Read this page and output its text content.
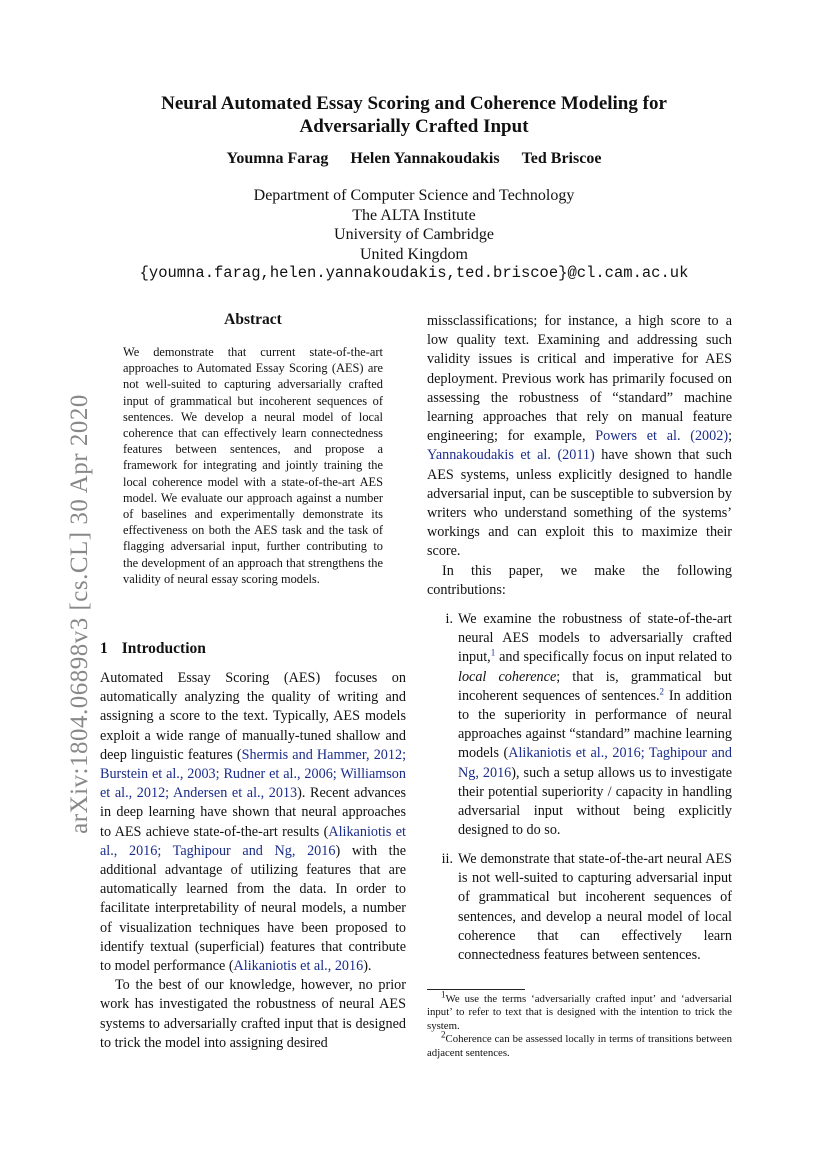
Neural Automated Essay Scoring and Coherence Modeling for
Adversarially Crafted Input
Youmna Farag Helen Yannakoudakis Ted Briscoe
Department of Computer Science and Technology
The ALTA Institute
University of Cambridge
United Kingdom
{youmna.farag,helen.yannakoudakis,ted.briscoe}@cl.cam.ac.uk
arXiv:1804.06898v3 [cs.CL] 30 Apr 2020
Abstract
We demonstrate that current state-of-the-art approaches to Automated Essay Scoring (AES) are not well-suited to capturing adversarially crafted input of grammatical but incoherent sequences of sentences. We develop a neural model of local coherence that can effectively learn connectedness features between sentences, and propose a framework for integrating and jointly training the local coherence model with a state-of-the-art AES model. We evaluate our approach against a number of baselines and experimentally demonstrate its effectiveness on both the AES task and the task of flagging adversarial input, further contributing to the development of an approach that strengthens the validity of neural essay scoring models.
1 Introduction

Automated Essay Scoring (AES) focuses on automatically analyzing the quality of writing and assigning a score to the text. Typically, AES models exploit a wide range of manually-tuned shallow and deep linguistic features (Shermis and Hammer, 2012; Burstein et al., 2003; Rudner et al., 2006; Williamson et al., 2012; Andersen et al., 2013). Recent advances in deep learning have shown that neural approaches to AES achieve state-of-the-art results (Alikaniotis et al., 2016; Taghipour and Ng, 2016) with the additional advantage of utilizing features that are automatically learned from the data. In order to facilitate interpretability of neural models, a number of visualization techniques have been proposed to identify textual (superficial) features that contribute to model performance (Alikaniotis et al., 2016).

To the best of our knowledge, however, no prior work has investigated the robustness of neural AES systems to adversarially crafted input that is designed to trick the model into assigning desired

missclassifications; for instance, a high score to a low quality text. Examining and addressing such validity issues is critical and imperative for AES deployment. Previous work has primarily focused on assessing the robustness of “standard” machine learning approaches that rely on manual feature engineering; for example, Powers et al. (2002); Yannakoudakis et al. (2011) have shown that such AES systems, unless explicitly designed to handle adversarial input, can be susceptible to subversion by writers who understand something of the systems’ workings and can exploit this to maximize their score.

In this paper, we make the following contributions:

i. We examine the robustness of state-of-the-art neural AES models to adversarially crafted input,$^1$ and specifically focus on input related to local coherence; that is, grammatical but incoherent sequences of sentences.$^2$ In addition to the superiority in performance of neural approaches against “standard” machine learning models (Alikaniotis et al., 2016; Taghipour and Ng, 2016), such a setup allows us to investigate their potential superiority / capacity in handling adversarial input without being explicitly designed to do so.
ii. We demonstrate that state-of-the-art neural AES is not well-suited to capturing adversarial input of grammatical but incoherent sequences of sentences, and develop a neural model of local coherence that can effectively learn connectedness features between sentences.

$^1$We use the terms ‘adversarially crafted input’ and ‘adversarial input’ to refer to text that is designed with the intention to trick the system.

$^2$Coherence can be assessed locally in terms of transitions between adjacent sentences.
